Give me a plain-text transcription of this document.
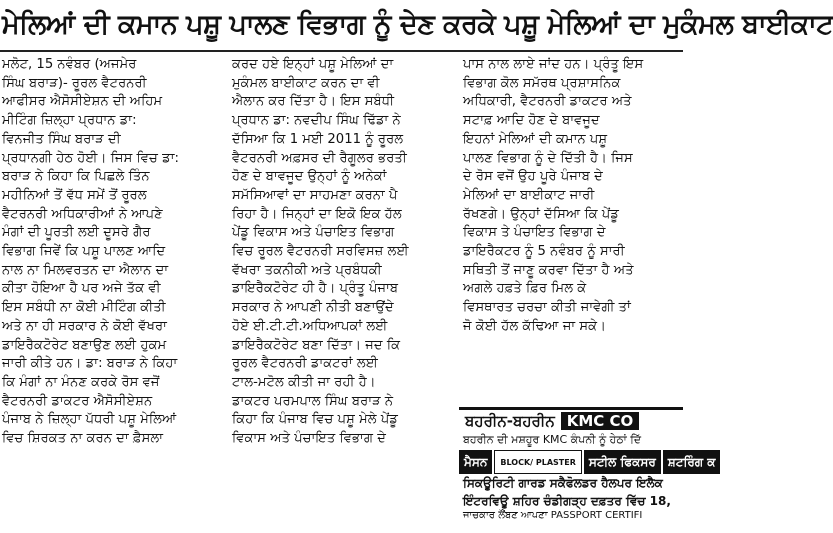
ਮੇਲਿਆਂ ਦੀ ਕਮਾਨ ਪਸ਼ੂ ਪਾਲਣ ਵਿਭਾਗ ਨੂੰ ਦੇਣ ਕਰਕੇ ਪਸ਼ੂ ਮੇਲਿਆਂ ਦਾ ਮੁਕੰਮਲ ਬਾਈਕਾਟ

ਮਲੋਟ, 15 ਨਵੰਬਰ (ਅਜਮੇਰ

ਸਿੰਘ ਬਰਾੜ)- ਰੂਰਲ ਵੈਟਰਨਰੀ

ਆਫੀਸਰ ਐਸੋਸੀਏਸ਼ਨ ਦੀ ਅਹਿਮ

ਮੀਟਿੰਗ ਜ਼ਿਲ੍ਹਾ ਪ੍ਰਧਾਨ ਡਾ:

ਵਿਨਜੀਤ ਸਿੰਘ ਬਰਾੜ ਦੀ

ਪ੍ਰਧਾਨਗੀ ਹੇਠ ਹੋਈ। ਜਿਸ ਵਿਚ ਡਾ:

ਬਰਾੜ ਨੇ ਕਿਹਾ ਕਿ ਪਿਛਲੇ ਤਿੰਨ

ਮਹੀਨਿਆਂ ਤੋਂ ਵੱਧ ਸਮੇਂ ਤੋਂ ਰੂਰਲ

ਵੈਟਰਨਰੀ ਅਧਿਕਾਰੀਆਂ ਨੇ ਆਪਣੇ

ਮੰਗਾਂ ਦੀ ਪੂਰਤੀ ਲਈ ਦੂਸਰੇ ਗੈਰ

ਵਿਭਾਗ ਜਿਵੇਂ ਕਿ ਪਸ਼ੂ ਪਾਲਣ ਆਦਿ

ਨਾਲ ਨਾ ਮਿਲਵਰਤਨ ਦਾ ਐਲਾਨ ਦਾ

ਕੀਤਾ ਹੋਇਆ ਹੈ ਪਰ ਅਜੇ ਤੱਕ ਵੀ

ਇਸ ਸਬੰਧੀ ਨਾ ਕੋਈ ਮੀਟਿੰਗ ਕੀਤੀ

ਅਤੇ ਨਾ ਹੀ ਸਰਕਾਰ ਨੇ ਕੋਈ ਵੱਖਰਾ

ਡਾਇਰੈਕਟੋਰੇਟ ਬਣਾਉਣ ਲਈ ਹੁਕਮ

ਜਾਰੀ ਕੀਤੇ ਹਨ। ਡਾ: ਬਰਾੜ ਨੇ ਕਿਹਾ

ਕਿ ਮੰਗਾਂ ਨਾ ਮੰਨਣ ਕਰਕੇ ਰੋਸ ਵਜੋਂ

ਵੈਟਰਨਰੀ ਡਾਕਟਰ ਐਸੋਸੀਏਸ਼ਨ

ਪੰਜਾਬ ਨੇ ਜ਼ਿਲ੍ਹਾ ਪੱਧਰੀ ਪਸ਼ੂ ਮੇਲਿਆਂ

ਵਿਚ ਸ਼ਿਰਕਤ ਨਾ ਕਰਨ ਦਾ ਫ਼ੈਸਲਾ

ਕਰਦ ਹਏ ਇਨ੍ਹਾਂ ਪਸ਼ੂ ਮੇਲਿਆਂ ਦਾ

ਮੁਕੰਮਲ ਬਾਈਕਾਟ ਕਰਨ ਦਾ ਵੀ

ਐਲਾਨ ਕਰ ਦਿੱਤਾ ਹੈ। ਇਸ ਸਬੰਧੀ

ਪ੍ਰਧਾਨ ਡਾ: ਨਵਦੀਪ ਸਿੰਘ ਢਿੱਡਾ ਨੇ

ਦੱਸਿਆ ਕਿ 1 ਮਈ 2011 ਨੂੰ ਰੂਰਲ

ਵੈਟਰਨਰੀ ਅਫ਼ਸਰ ਦੀ ਰੈਗੂਲਰ ਭਰਤੀ

ਹੋਣ ਦੇ ਬਾਵਜੂਦ ਉਨ੍ਹਾਂ ਨੂੰ ਅਨੇਕਾਂ

ਸਮੱਸਿਆਵਾਂ ਦਾ ਸਾਹਮਣਾ ਕਰਨਾ ਪੈ

ਰਿਹਾ ਹੈ। ਜਿਨ੍ਹਾਂ ਦਾ ਇਕੋ ਇਕ ਹੱਲ

ਪੇਂਡੂ ਵਿਕਾਸ ਅਤੇ ਪੰਚਾਇਤ ਵਿਭਾਗ

ਵਿਚ ਰੂਰਲ ਵੈਟਰਨਰੀ ਸਰਵਿਸਜ਼ ਲਈ

ਵੱਖਰਾ ਤਕਨੀਕੀ ਅਤੇ ਪ੍ਰਬੰਧਕੀ

ਡਾਇਰੈਕਟੋਰੇਟ ਹੀ ਹੈ। ਪ੍ਰੰਤੂ ਪੰਜਾਬ

ਸਰਕਾਰ ਨੇ ਆਪਣੀ ਨੀਤੀ ਬਣਾਉਂਦੇ

ਹੋਏ ਈ.ਟੀ.ਟੀ.ਅਧਿਆਪਕਾਂ ਲਈ

ਡਾਇਰੈਕਟੋਰੇਟ ਬਣਾ ਦਿੱਤਾ। ਜਦ ਕਿ

ਰੂਰਲ ਵੈਟਰਨਰੀ ਡਾਕਟਰਾਂ ਲਈ

ਟਾਲ-ਮਟੋਲ ਕੀਤੀ ਜਾ ਰਹੀ ਹੈ।

ਡਾਕਟਰ ਪਰਮਪਾਲ ਸਿੰਘ ਬਰਾੜ ਨੇ

ਕਿਹਾ ਕਿ ਪੰਜਾਬ ਵਿਚ ਪਸ਼ੂ ਮੇਲੇ ਪੇਂਡੂ

ਵਿਕਾਸ ਅਤੇ ਪੰਚਾਇਤ ਵਿਭਾਗ ਦੇ

ਪਾਸ ਨਾਲ ਲਾਏ ਜਾਂਦ ਹਨ। ਪ੍ਰੰਤੂ ਇਸ

ਵਿਭਾਗ ਕੋਲ ਸਮੱਰਥ ਪ੍ਰਸ਼ਾਸਨਿਕ

ਅਧਿਕਾਰੀ, ਵੈਟਰਨਰੀ ਡਾਕਟਰ ਅਤੇ

ਸਟਾਫ਼ ਆਦਿ ਹੋਣ ਦੇ ਬਾਵਜੂਦ

ਇਹਨਾਂ ਮੇਲਿਆਂ ਦੀ ਕਮਾਨ ਪਸ਼ੂ

ਪਾਲਣ ਵਿਭਾਗ ਨੂੰ ਦੇ ਦਿੱਤੀ ਹੈ। ਜਿਸ

ਦੇ ਰੋਸ ਵਜੋਂ ਉਹ ਪੂਰੇ ਪੰਜਾਬ ਦੇ

ਮੇਲਿਆਂ ਦਾ ਬਾਈਕਾਟ ਜਾਰੀ

ਰੱਖਣਗੇ। ਉਨ੍ਹਾਂ ਦੱਸਿਆ ਕਿ ਪੇਂਡੂ

ਵਿਕਾਸ ਤੇ ਪੰਚਾਇਤ ਵਿਭਾਗ ਦੇ

ਡਾਇਰੈਕਟਰ ਨੂੰ 5 ਨਵੰਬਰ ਨੂੰ ਸਾਰੀ

ਸਥਿਤੀ ਤੋਂ ਜਾਣੂ ਕਰਵਾ ਦਿੱਤਾ ਹੈ ਅਤੇ

ਅਗਲੇ ਹਫ਼ਤੇ ਫ਼ਿਰ ਮਿਲ ਕੇ

ਵਿਸਥਾਰਤ ਚਰਚਾ ਕੀਤੀ ਜਾਵੇਗੀ ਤਾਂ

ਜੋ ਕੋਈ ਹੱਲ ਕੱਢਿਆ ਜਾ ਸਕੇ।

ਬਹਰੀਨ-ਬਹਰੀਨ KMC CO
ਬਹਰੀਨ ਦੀ ਮਸ਼ਹੂਰ KMC ਕੰਪਨੀ ਨੂੰ ਹੇਠਾਂ ਦਿੱ
ਮੈਸਨ	BLOCK/ PLASTER	ਸਟੀਲ ਫਿਕਸਰ	ਸ਼ਟਰਿੰਗ ਕ
ਸਿਕਊਰਿਟੀ ਗਾਰਡ ਸਕੈਫੋਲਡਰ ਹੈਲਪਰ ਇਲੈਕ
ਇੰਟਰਵਿਊ ਸ਼ਹਿਰ ਚੰਡੀਗੜ੍ਹ ਦਫ਼ਤਰ ਵਿੱਚ 18,
ਜਾਚਕਾਰ ਲੌਂਬਣ ਆਪਣਾ PASSPORT CERTIFI
